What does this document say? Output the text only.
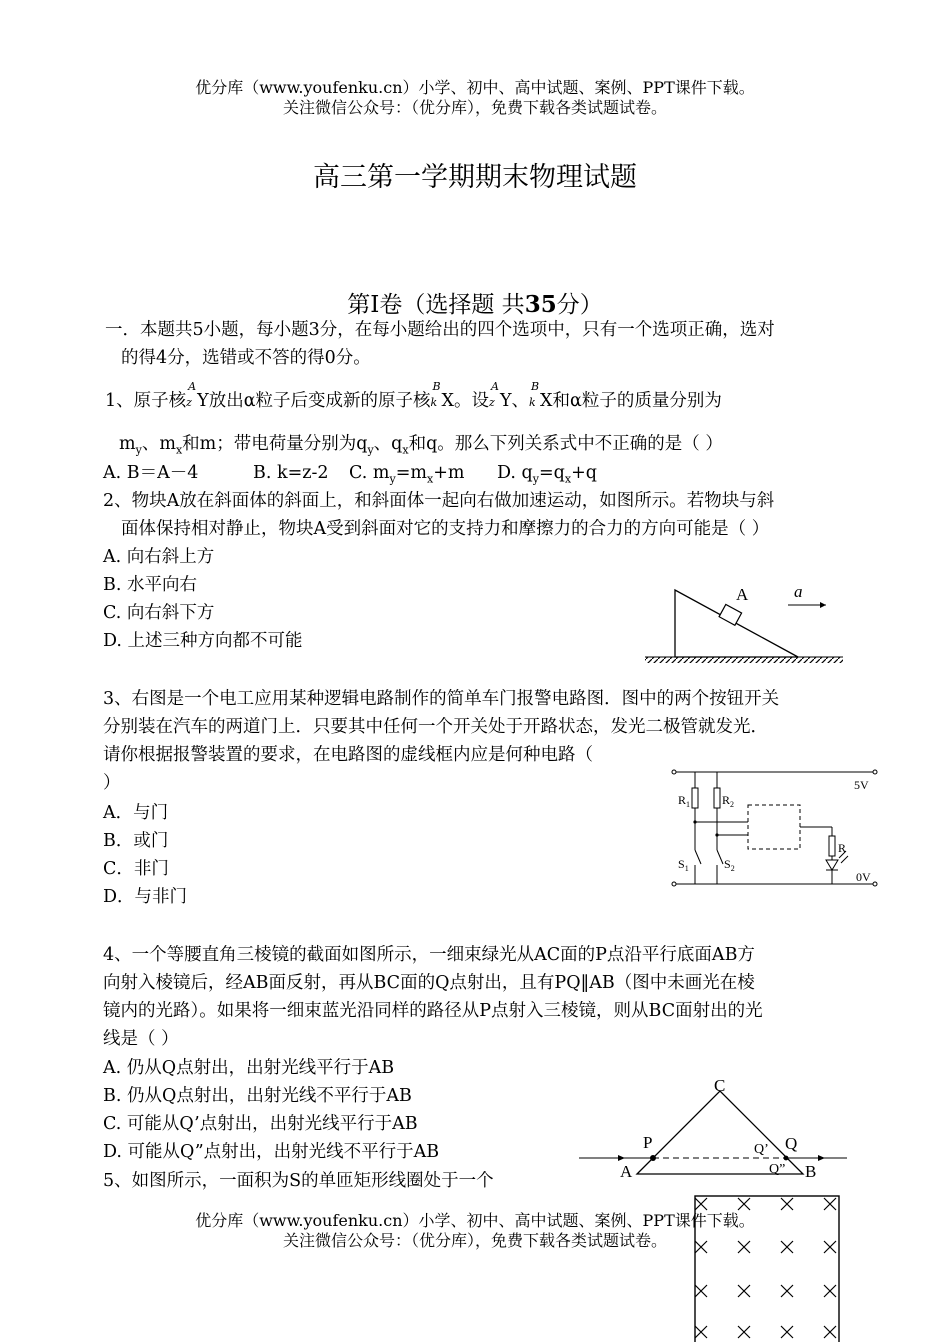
优分库（www.youfenku.cn）小学、初中、高中试题、案例、PPT课件下载。
关注微信公众号：（优分库），免费下载各类试题试卷。
高三第一学期期末物理试题
第Ⅰ卷（选择题 共35分）
一．本题共5小题，每小题3分，在每小题给出的四个选项中，只有一个选项正确，选对
的得4分，选错或不答的得0分。
1、原子核
A
z Y放出α粒子后变成新的原子核
B
k X。设
A
z Y、
B
k X和α粒子的质量分别为
$m_y$、$m_x$和m；带电荷量分别为$q_y$、$q_x$和q。那么下列关系式中不正确的是（ ）
A. B＝A－4	B. k=z-2 C. $m_y=m_x+m$ D. $q_y=q_x+q$
2、物块A放在斜面体的斜面上，和斜面体一起向右做加速运动，如图所示。若物块与斜
面体保持相对静止，物块A受到斜面对它的支持力和摩擦力的合力的方向可能是（ ）
A. 向右斜上方
B. 水平向右
C. 向右斜下方
D. 上述三种方向都不可能
A	a
3、右图是一个电工应用某种逻辑电路制作的简单车门报警电路图．图中的两个按钮开关
分别装在汽车的两道门上．只要其中任何一个开关处于开路状态，发光二极管就发光．
请你根据报警装置的要求，在电路图的虚线框内应是何种电路（
）
A．与门
B．或门
C．非门
D．与非门
5V
0V
$R_1$	$R_2$
R
$S_1$	$S_2$
4、一个等腰直角三棱镜的截面如图所示，一细束绿光从AC面的P点沿平行底面AB方
向射入棱镜后，经AB面反射，再从BC面的Q点射出，且有PQ‖AB（图中未画光在棱
镜内的光路）。如果将一细束蓝光沿同样的路径从P点射入三棱镜，则从BC面射出的光
线是（ ）
A. 仍从Q点射出，出射光线平行于AB
B. 仍从Q点射出，出射光线不平行于AB
C. 可能从Q’点射出，出射光线平行于AB
D. 可能从Q”点射出，出射光线不平行于AB
C
A	B
P	Q
Q’
Q”
5、如图所示，一面积为S的单匝矩形线圈处于一个
优分库（www.youfenku.cn）小学、初中、高中试题、案例、PPT课件下载。
关注微信公众号：（优分库），免费下载各类试题试卷。
